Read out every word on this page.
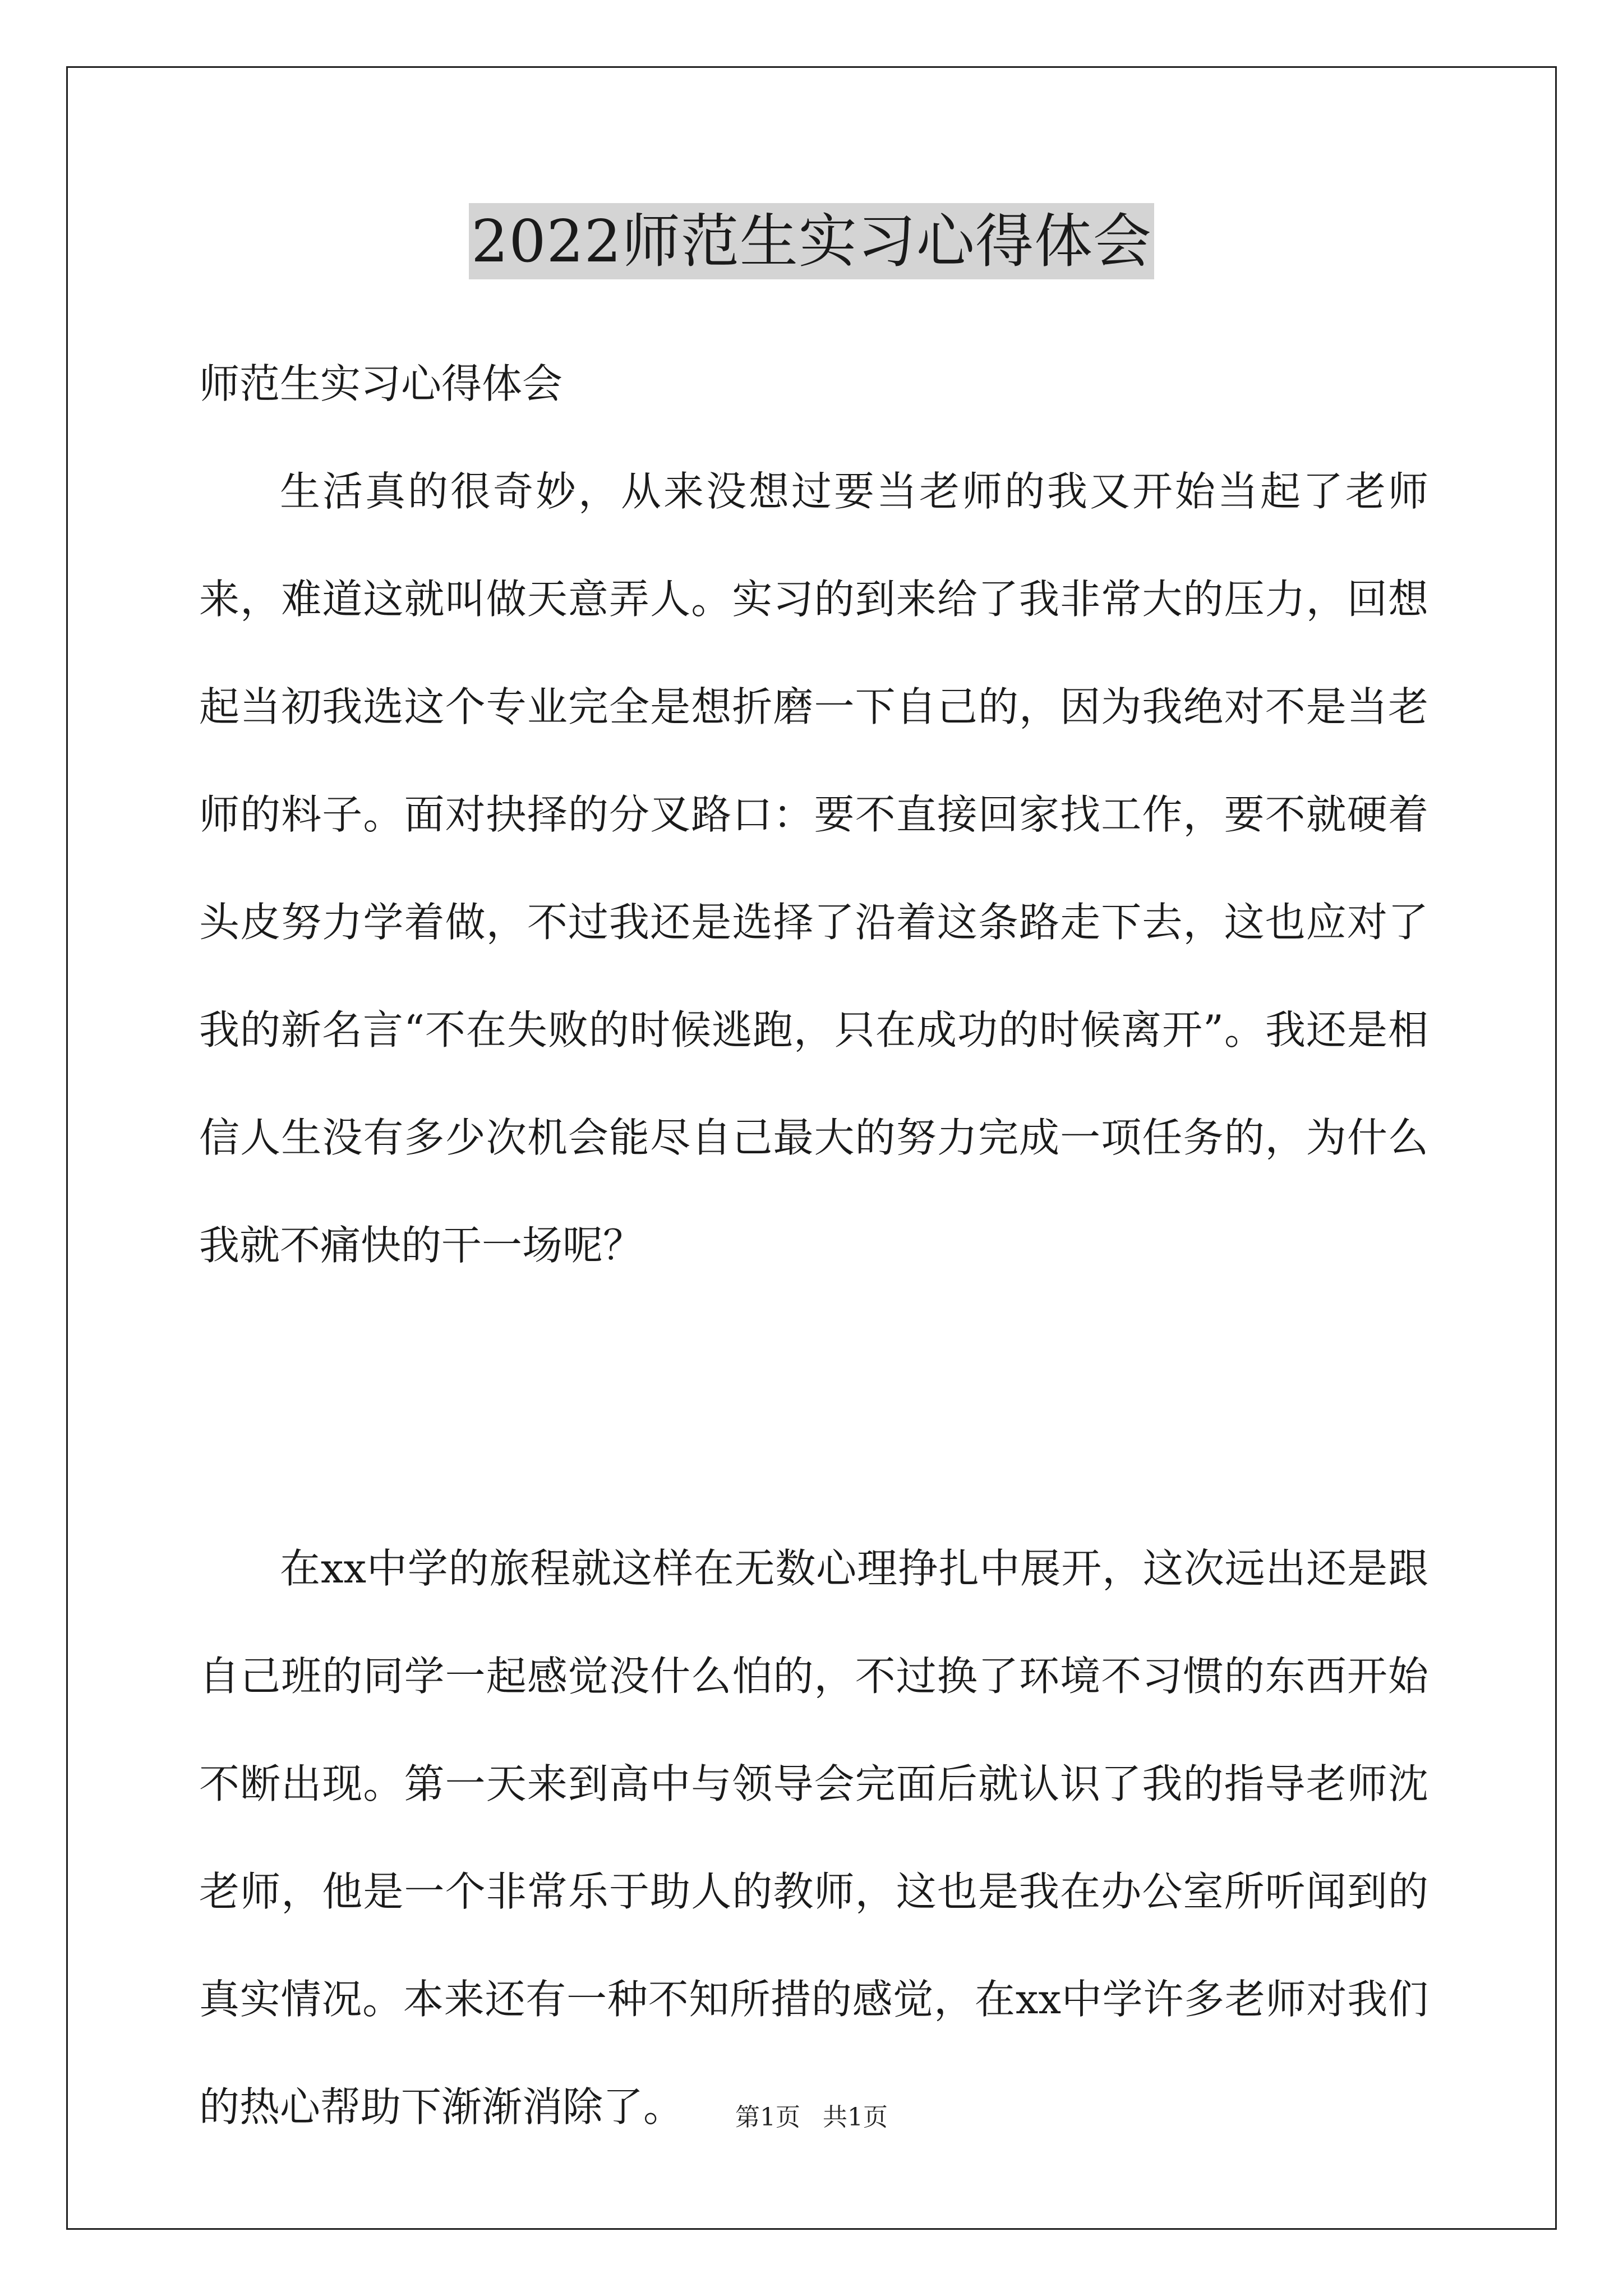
2022师范生实习心得体会

师范生实习心得体会

生活真的很奇妙，从来没想过要当老师的我又开始当起了老师来，难道这就叫做天意弄人。实习的到来给了我非常大的压力，回想起当初我选这个专业完全是想折磨一下自己的，因为我绝对不是当老师的料子。面对抉择的分叉路口：要不直接回家找工作，要不就硬着头皮努力学着做，不过我还是选择了沿着这条路走下去，这也应对了我的新名言“不在失败的时候逃跑，只在成功的时候离开”。我还是相信人生没有多少次机会能尽自己最大的努力完成一项任务的，为什么我就不痛快的干一场呢？

在xx中学的旅程就这样在无数心理挣扎中展开，这次远出还是跟自己班的同学一起感觉没什么怕的，不过换了环境不习惯的东西开始不断出现。第一天来到高中与领导会完面后就认识了我的指导老师沈老师，他是一个非常乐于助人的教师，这也是我在办公室所听闻到的真实情况。本来还有一种不知所措的感觉，在xx中学许多老师对我们的热心帮助下渐渐消除了。	第1页 共1页
